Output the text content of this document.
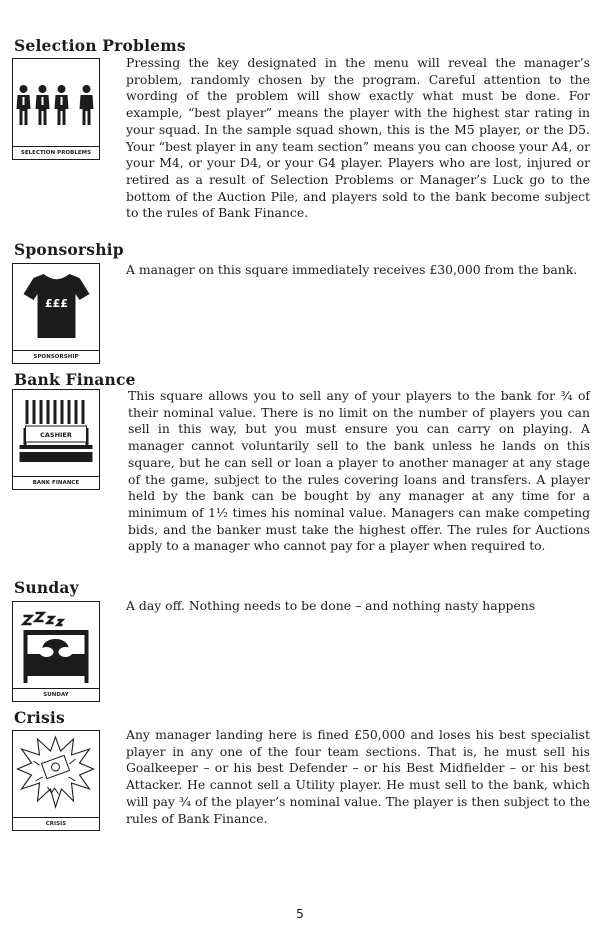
Selection Problems
SELECTION PROBLEMS

Pressing the key designated in the menu will reveal the manager’s problem, randomly chosen by the program. Careful attention to the wording of the problem will show exactly what must be done. For example, “best player” means the player with the highest star rating in your squad. In the sample squad shown, this is the M5 player, or the D5. Your “best player in any team section” means you can choose your A4, or your M4, or your D4, or your G4 player. Players who are lost, injured or retired as a result of Selection Problems or Manager’s Luck go to the bottom of the Auction Pile, and players sold to the bank become subject to the rules of Bank Finance.

Sponsorship
£££
SPONSORSHIP

A manager on this square immediately receives £30,000 from the bank.

Bank Finance
CASHIER
BANK FINANCE

This square allows you to sell any of your players to the bank for ¾ of their nominal value. There is no limit on the number of players you can sell in this way, but you must ensure you can carry on playing. A manager cannot voluntarily sell to the bank unless he lands on this square, but he can sell or loan a player to another manager at any stage of the game, subject to the rules covering loans and transfers. A player held by the bank can be bought by any manager at any time for a minimum of 1½ times his nominal value. Managers can make competing bids, and the banker must take the highest offer. The rules for Auctions apply to a manager who cannot pay for a player when required to.

Sunday
SUNDAY

A day off. Nothing needs to be done – and nothing nasty happens

Crisis
CRISIS

Any manager landing here is fined £50,000 and loses his best specialist player in any one of the four team sections. That is, he must sell his Goalkeeper – or his best Defender – or his Best Midfielder – or his best Attacker. He cannot sell a Utility player. He must sell to the bank, which will pay ¾ of the player’s nominal value. The player is then subject to the rules of Bank Finance.

5
